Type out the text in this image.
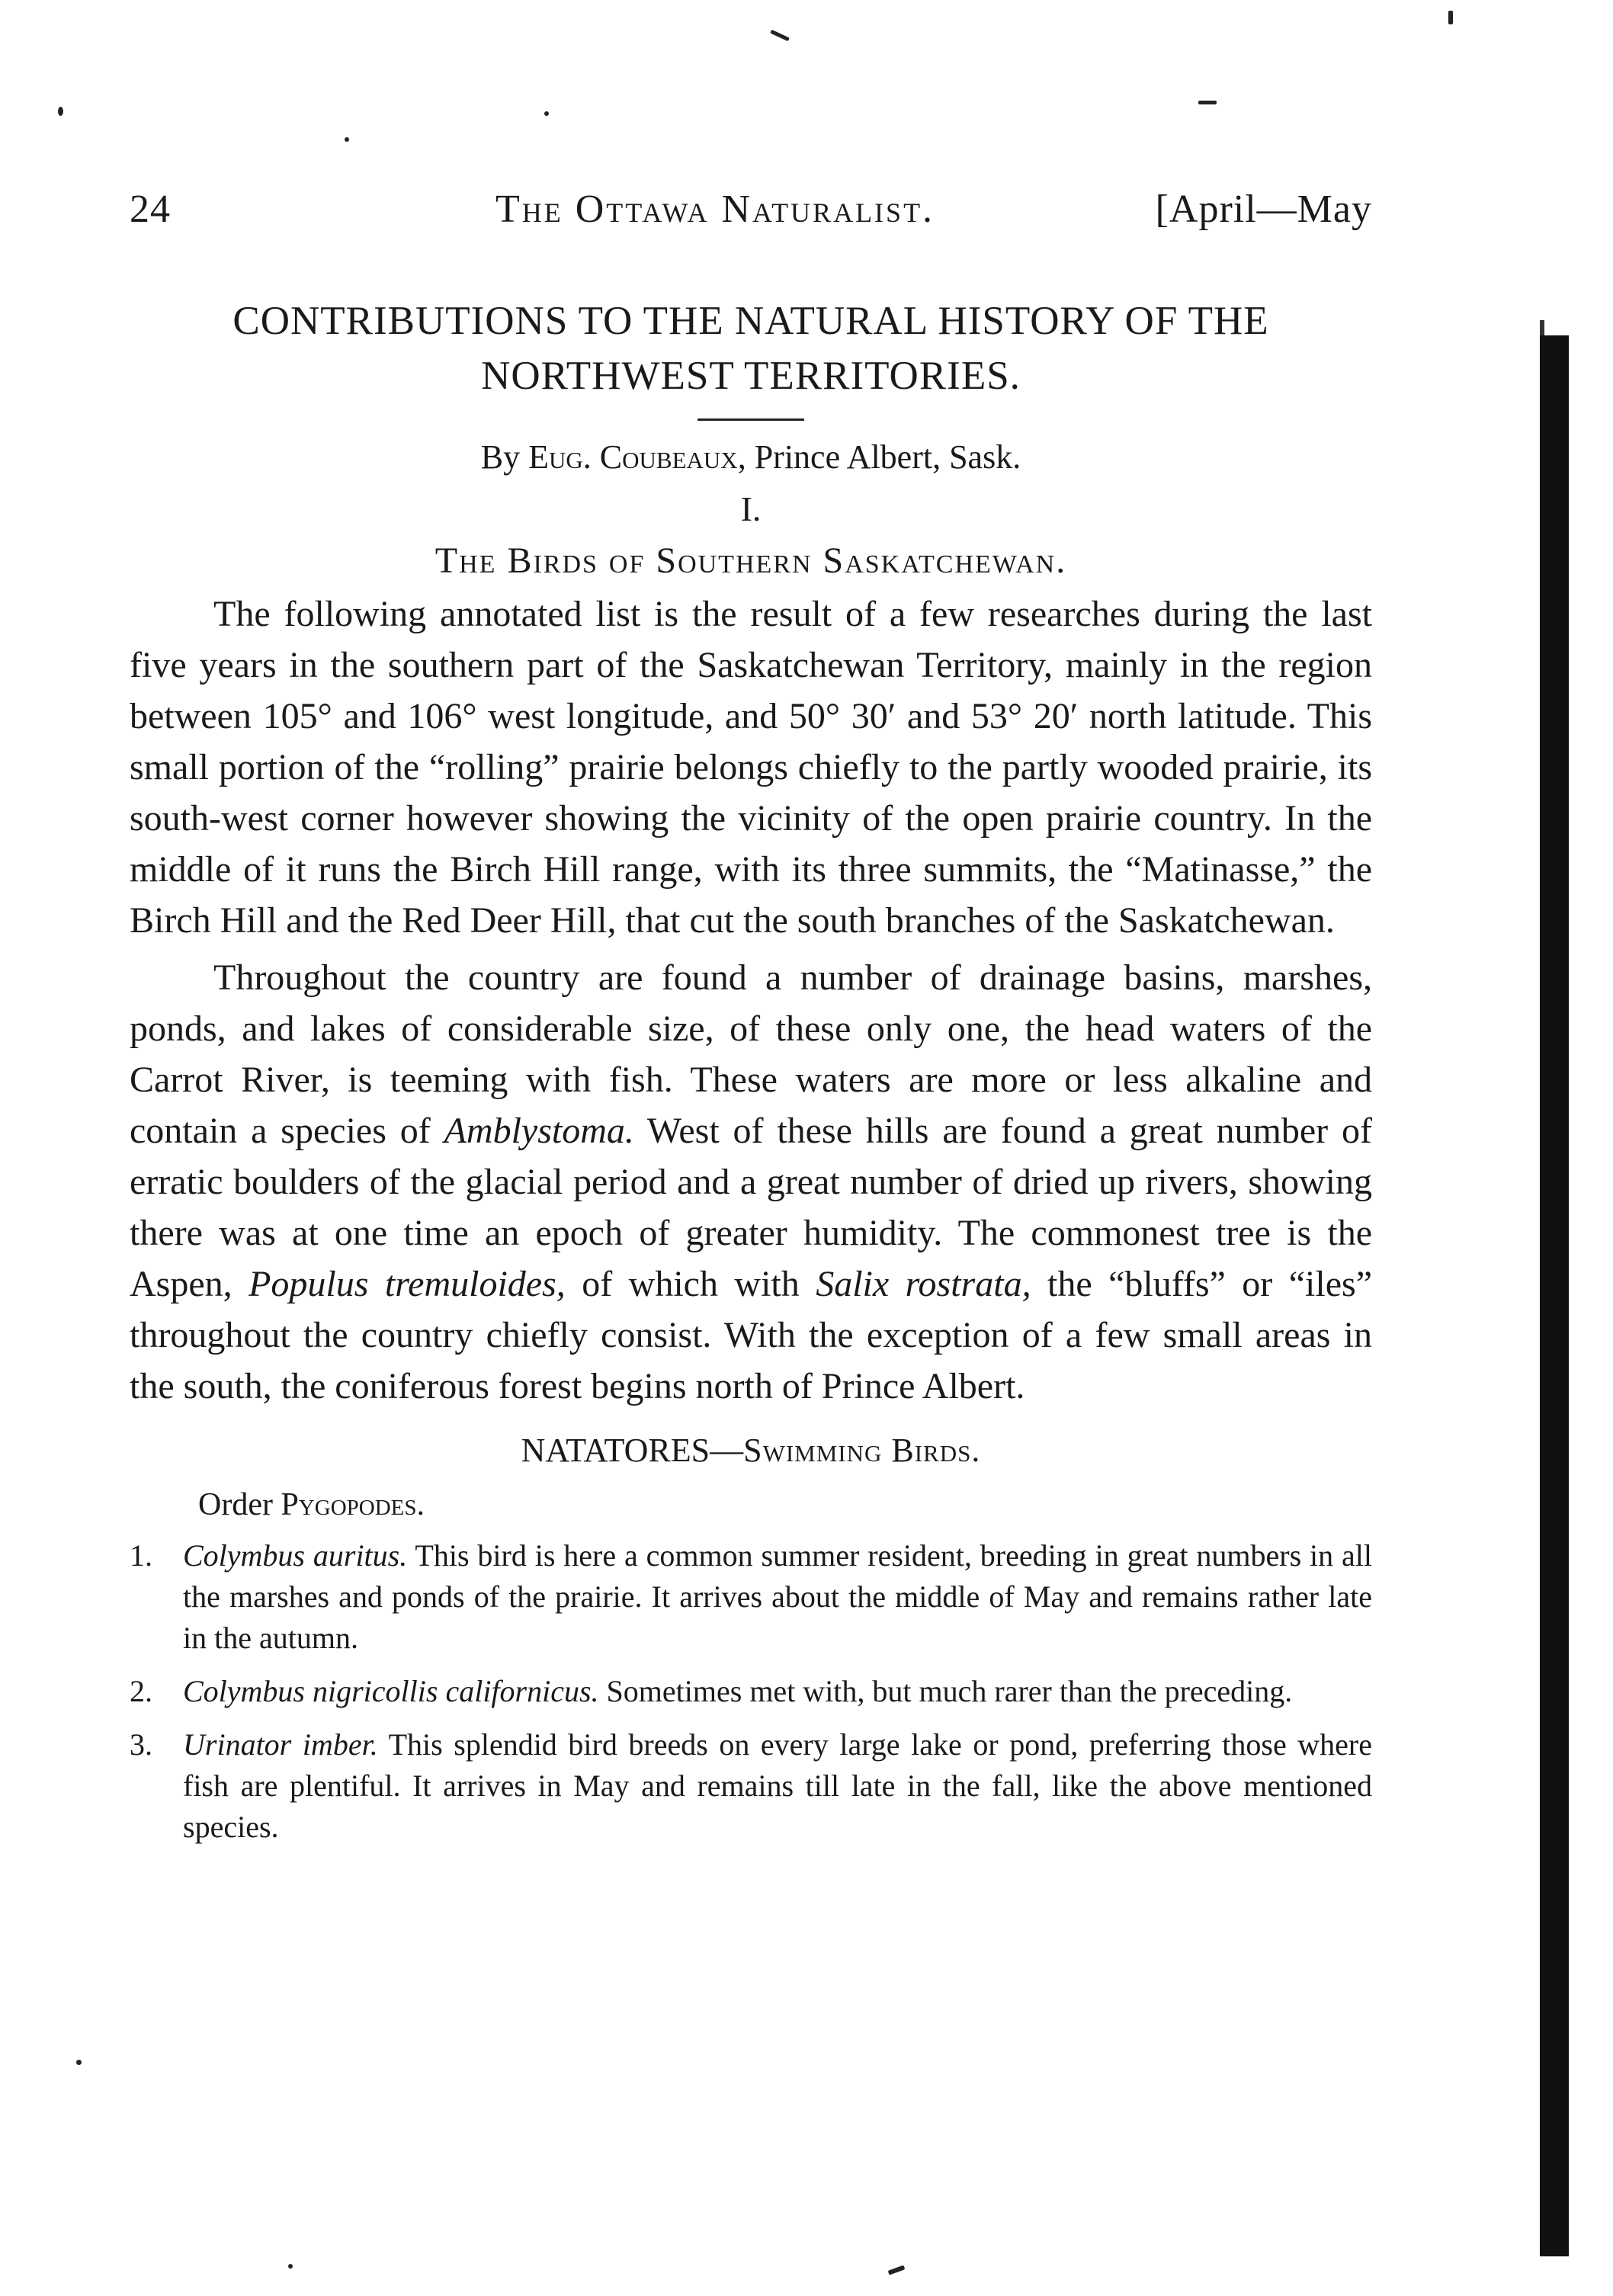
24	The Ottawa Naturalist.	[April—May

CONTRIBUTIONS TO THE NATURAL HISTORY OF THE
NORTHWEST TERRITORIES.

By Eug. Coubeaux, Prince Albert, Sask.

I.

The Birds of Southern Saskatchewan.

The following annotated list is the result of a few researches during the last five years in the southern part of the Saskatchewan Territory, mainly in the region between 105° and 106° west longitude, and 50° 30′ and 53° 20′ north latitude. This small portion of the “rolling” prairie belongs chiefly to the partly wooded prairie, its south-west corner however showing the vicinity of the open prairie country. In the middle of it runs the Birch Hill range, with its three summits, the “Matinasse,” the Birch Hill and the Red Deer Hill, that cut the south branches of the Saskatchewan.

Throughout the country are found a number of drainage basins, marshes, ponds, and lakes of considerable size, of these only one, the head waters of the Carrot River, is teeming with fish. These waters are more or less alkaline and contain a species of Amblystoma. West of these hills are found a great number of erratic boulders of the glacial period and a great number of dried up rivers, showing there was at one time an epoch of greater humidity. The commonest tree is the Aspen, Populus tremuloides, of which with Salix rostrata, the “bluffs” or “iles” throughout the country chiefly consist. With the exception of a few small areas in the south, the coniferous forest begins north of Prince Albert.

NATATORES—Swimming Birds.

Order Pygopodes.

1. Colymbus auritus. This bird is here a common summer resident, breeding in great numbers in all the marshes and ponds of the prairie. It arrives about the middle of May and remains rather late in the autumn.
2. Colymbus nigricollis californicus. Sometimes met with, but much rarer than the preceding.
3. Urinator imber. This splendid bird breeds on every large lake or pond, preferring those where fish are plentiful. It arrives in May and remains till late in the fall, like the above mentioned species.
